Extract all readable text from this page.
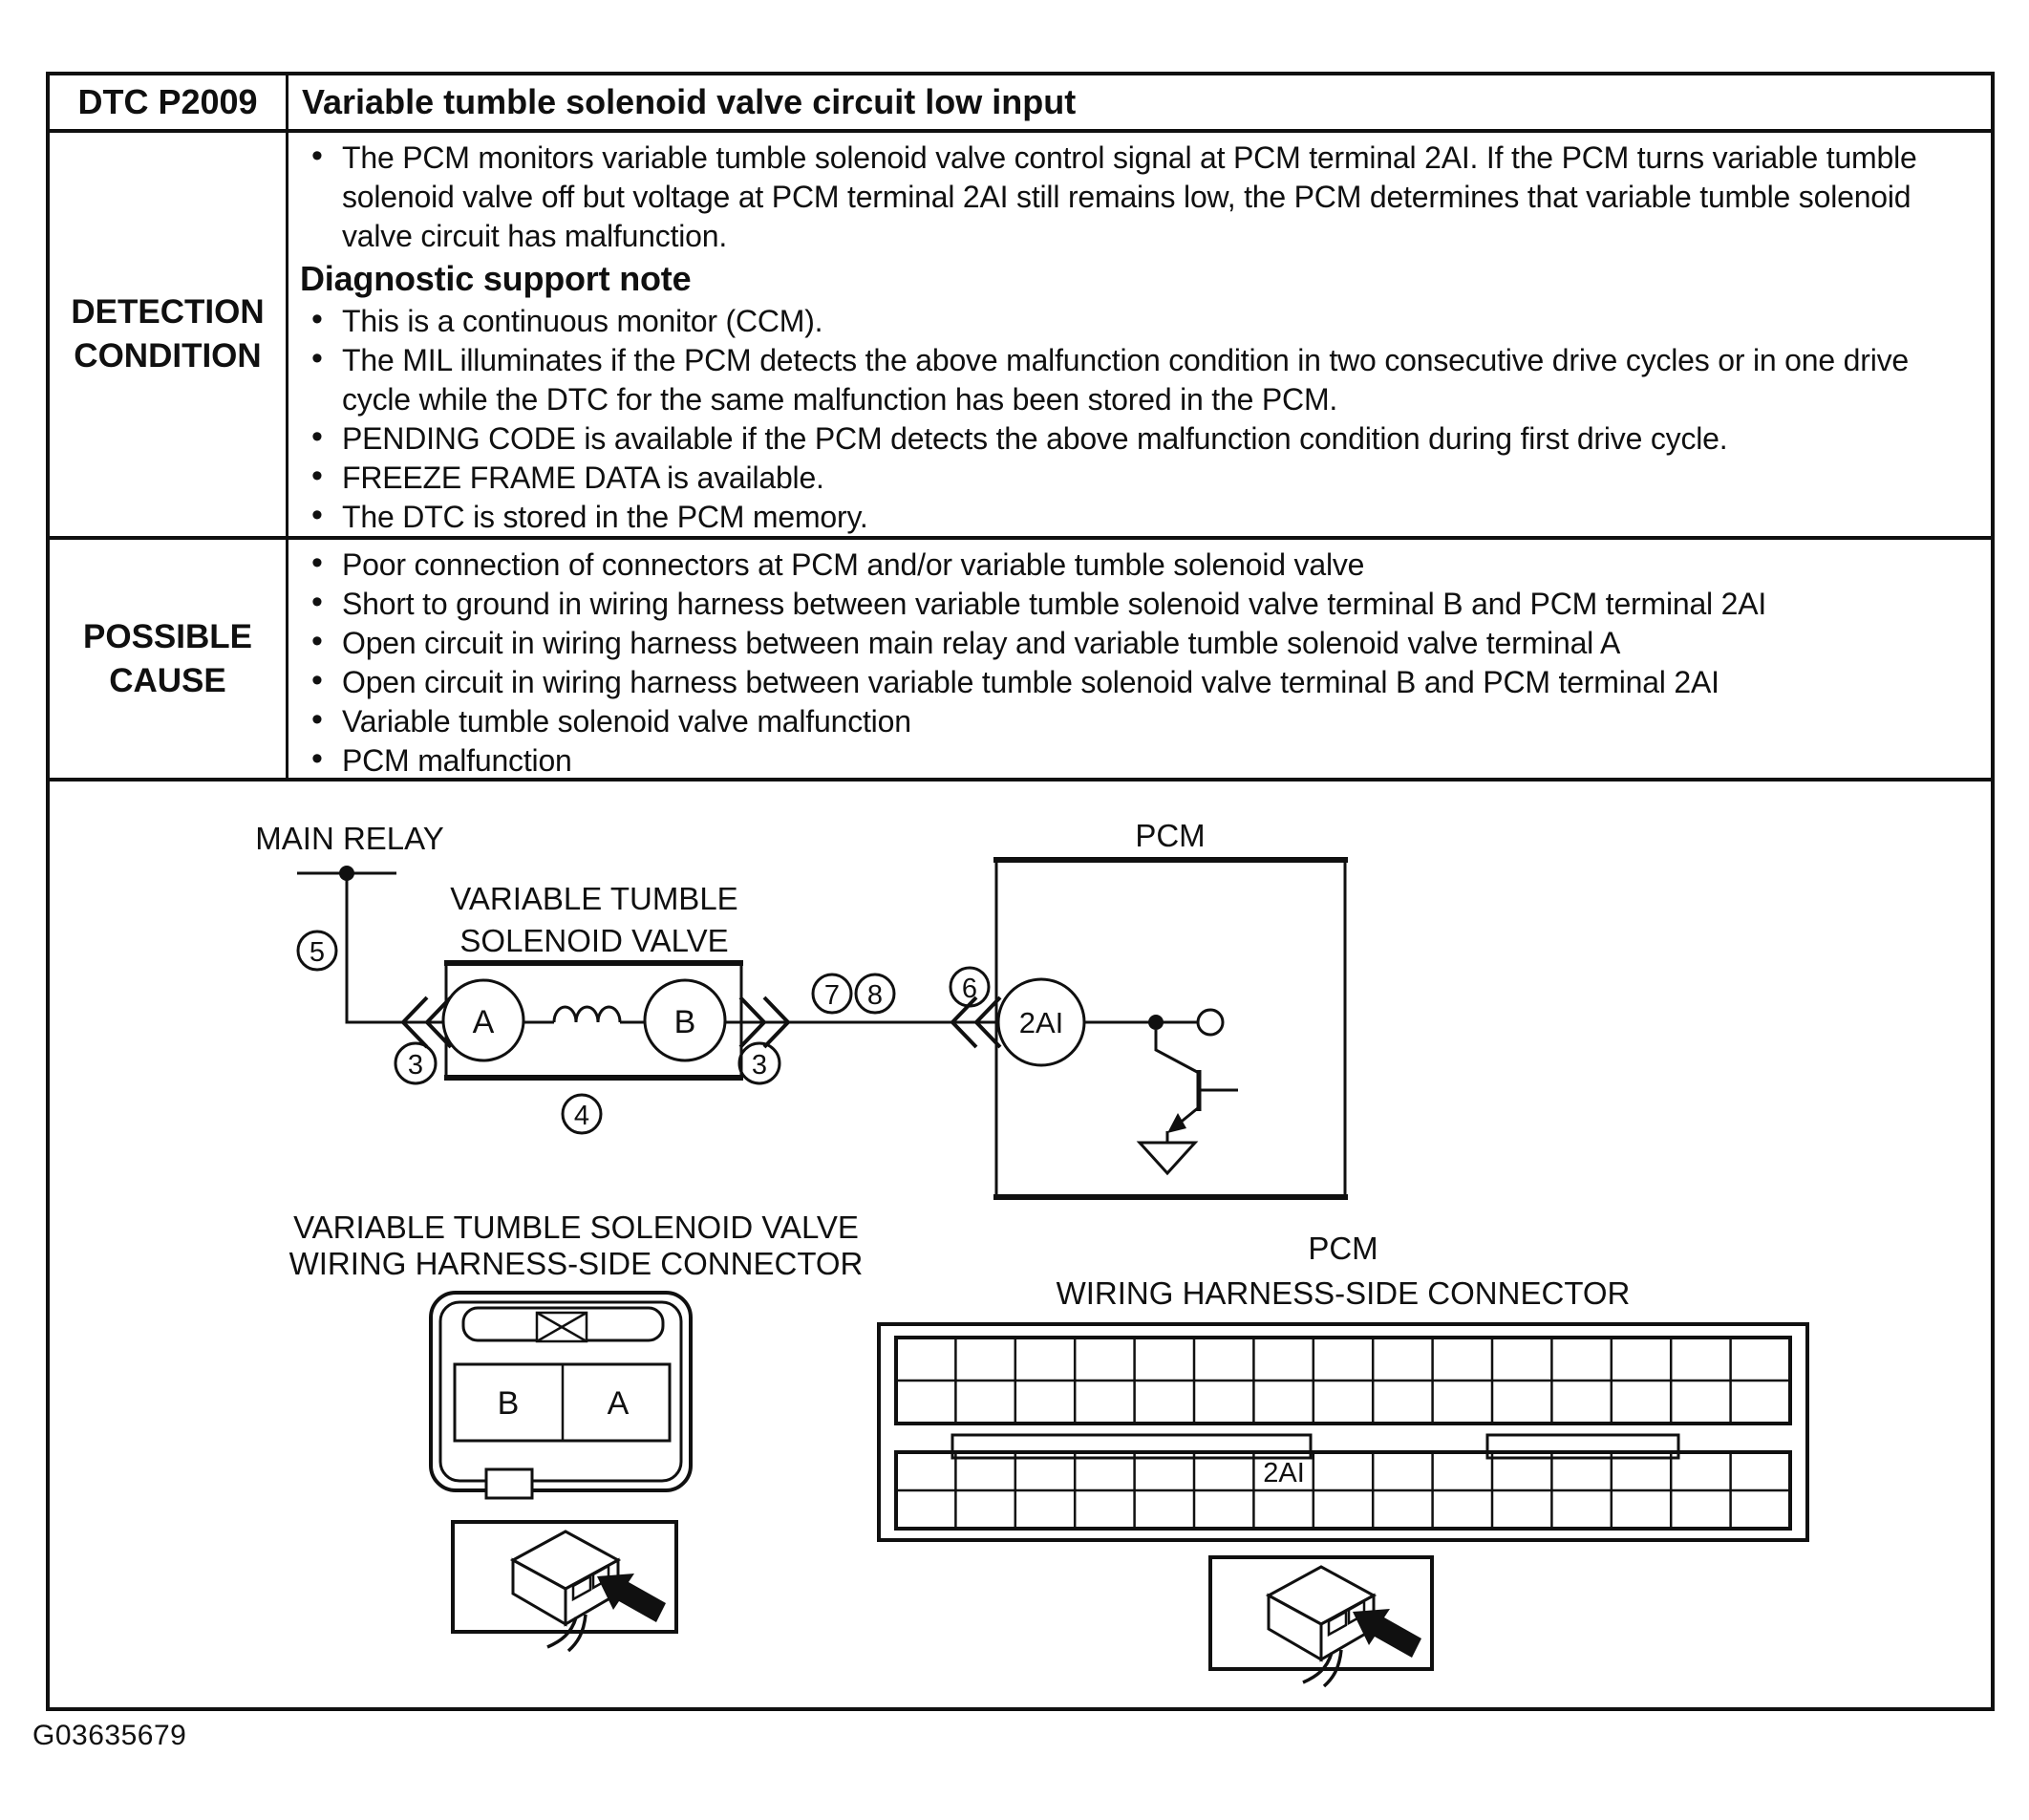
DTC P2009	Variable tumble solenoid valve circuit low input
DETECTION CONDITION
• The PCM monitors variable tumble solenoid valve control signal at PCM terminal 2AI. If the PCM turns variable tumble solenoid valve off but voltage at PCM terminal 2AI still remains low, the PCM determines that variable tumble solenoid valve circuit has malfunction.
Diagnostic support note
• This is a continuous monitor (CCM).
• The MIL illuminates if the PCM detects the above malfunction condition in two consecutive drive cycles or in one drive cycle while the DTC for the same malfunction has been stored in the PCM.
• PENDING CODE is available if the PCM detects the above malfunction condition during first drive cycle.
• FREEZE FRAME DATA is available.
• The DTC is stored in the PCM memory.
POSSIBLE CAUSE
• Poor connection of connectors at PCM and/or variable tumble solenoid valve
• Short to ground in wiring harness between variable tumble solenoid valve terminal B and PCM terminal 2AI
• Open circuit in wiring harness between main relay and variable tumble solenoid valve terminal A
• Open circuit in wiring harness between variable tumble solenoid valve terminal B and PCM terminal 2AI
• Variable tumble solenoid valve malfunction
• PCM malfunction
MAIN RELAY
5
VARIABLE TUMBLE
SOLENOID VALVE
A	B
3	3
4
7 8	6
PCM
2AI
VARIABLE TUMBLE SOLENOID VALVE
WIRING HARNESS-SIDE CONNECTOR
B	A
PCM
WIRING HARNESS-SIDE CONNECTOR
2AI
G03635679
